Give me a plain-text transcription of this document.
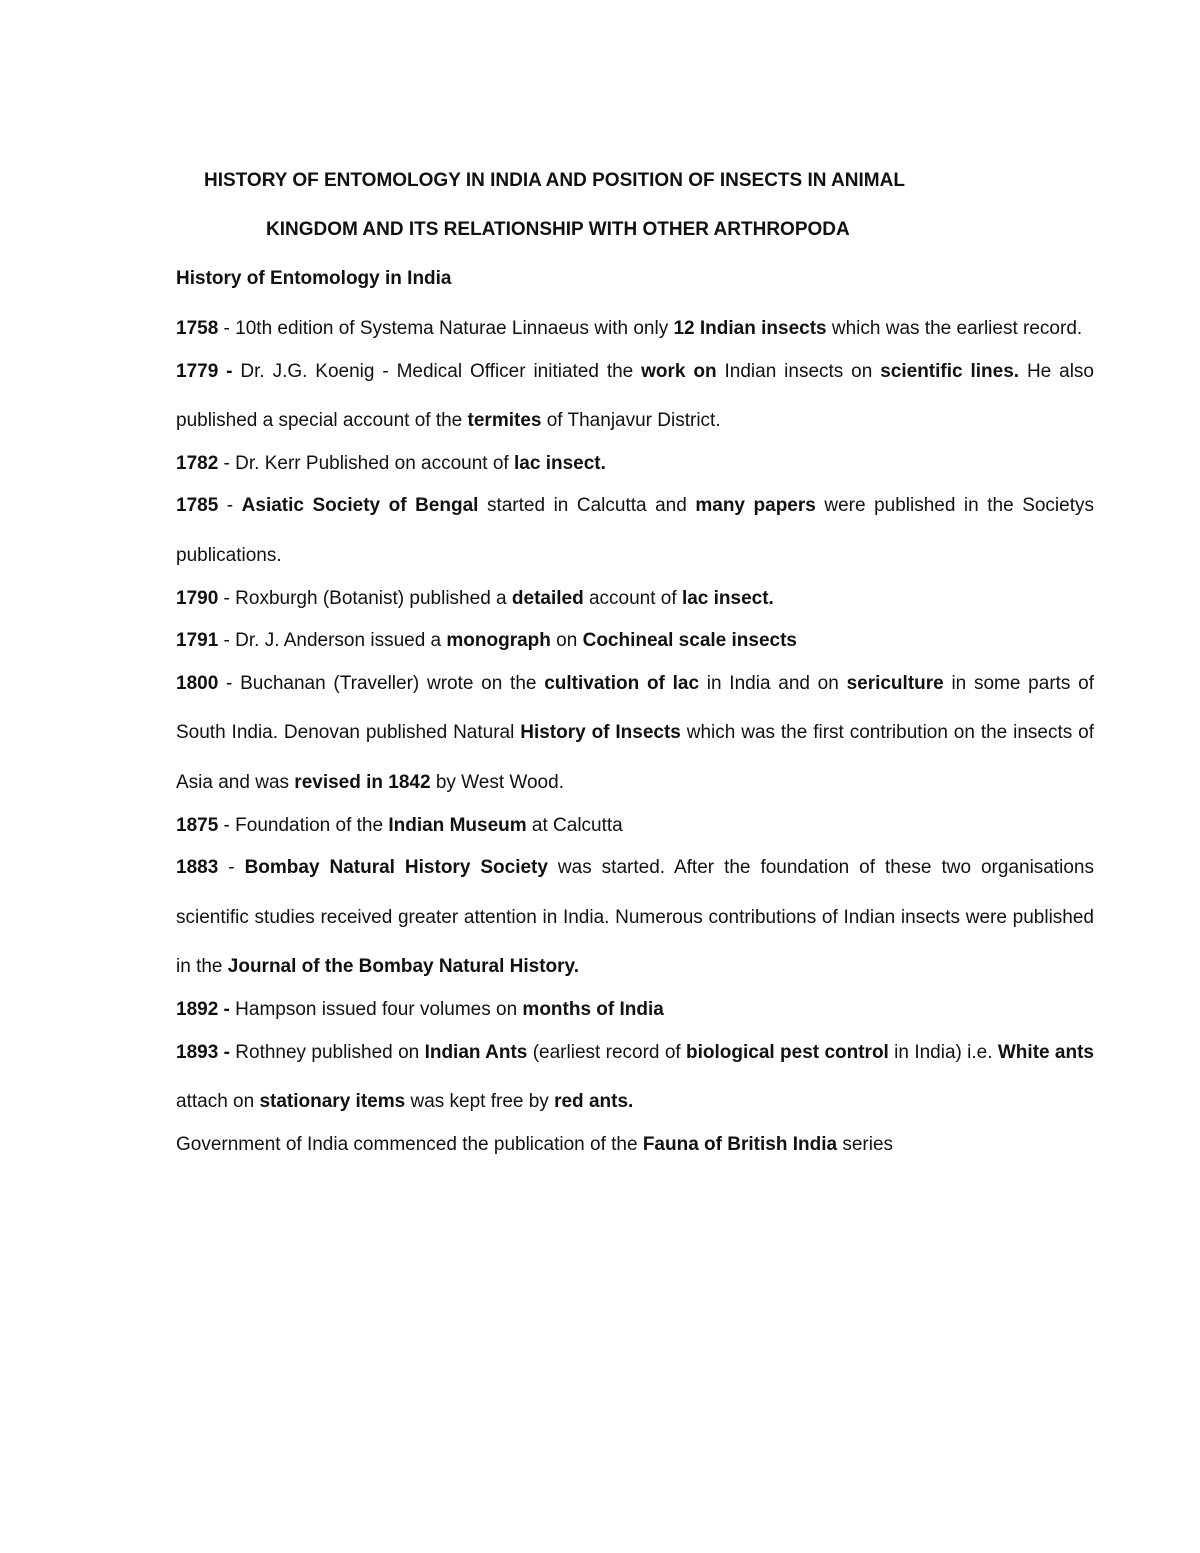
HISTORY OF ENTOMOLOGY IN INDIA AND POSITION OF INSECTS IN ANIMAL
KINGDOM AND ITS RELATIONSHIP WITH OTHER ARTHROPODA
History of Entomology in India

1758 - 10th edition of Systema Naturae Linnaeus with only 12 Indian insects which was the earliest record.

1779 - Dr. J.G. Koenig - Medical Officer initiated the work on Indian insects on scientific lines. He also published a special account of the termites of Thanjavur District.

1782 - Dr. Kerr Published on account of lac insect.

1785 - Asiatic Society of Bengal started in Calcutta and many papers were published in the Societys publications.

1790 - Roxburgh (Botanist) published a detailed account of lac insect.

1791 - Dr. J. Anderson issued a monograph on Cochineal scale insects

1800 - Buchanan (Traveller) wrote on the cultivation of lac in India and on sericulture in some parts of South India. Denovan published Natural History of Insects which was the first contribution on the insects of Asia and was revised in 1842 by West Wood.

1875 - Foundation of the Indian Museum at Calcutta

1883 - Bombay Natural History Society was started. After the foundation of these two organisations scientific studies received greater attention in India. Numerous contributions of Indian insects were published in the Journal of the Bombay Natural History.

1892 - Hampson issued four volumes on months of India

1893 - Rothney published on Indian Ants (earliest record of biological pest control in India) i.e. White ants attach on stationary items was kept free by red ants.

Government of India commenced the publication of the Fauna of British India series
